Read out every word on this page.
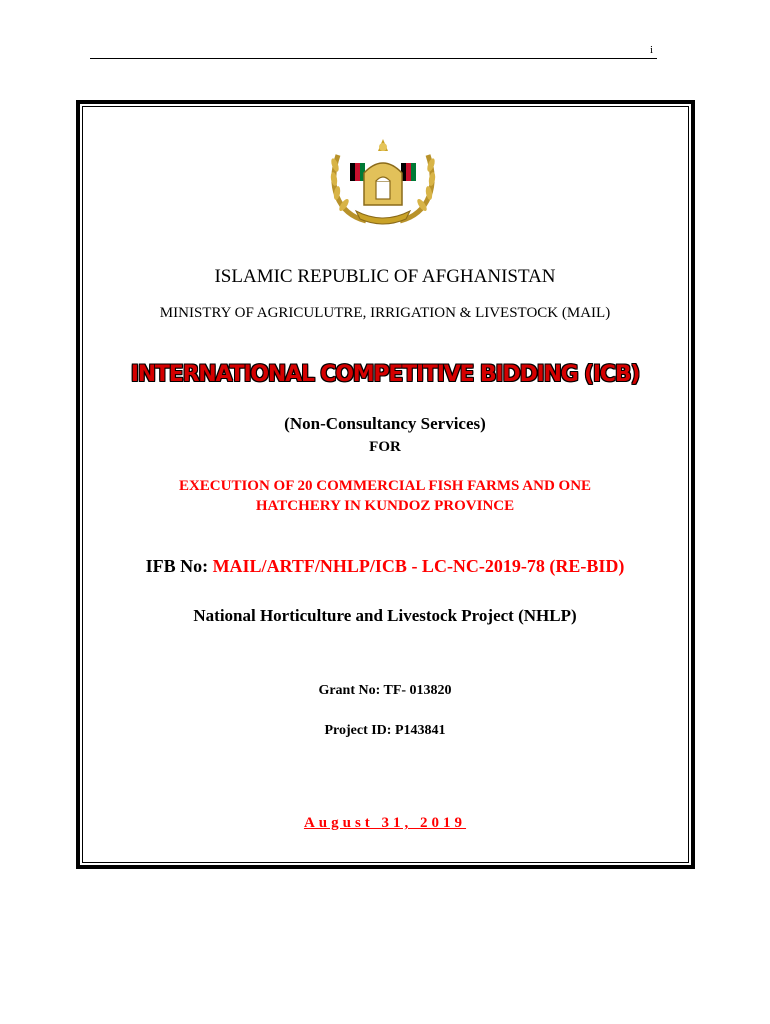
i
ISLAMIC REPUBLIC OF AFGHANISTAN
MINISTRY OF AGRICULUTRE, IRRIGATION & LIVESTOCK (MAIL)
INTERNATIONAL COMPETITIVE BIDDING (ICB)
(Non-Consultancy Services)
FOR
EXECUTION OF 20 COMMERCIAL FISH FARMS AND ONE
HATCHERY IN KUNDOZ PROVINCE
IFB No: MAIL/ARTF/NHLP/ICB - LC-NC-2019-78 (RE-BID)
National Horticulture and Livestock Project (NHLP)
Grant No: TF- 013820
Project ID: P143841
August 31, 2019
